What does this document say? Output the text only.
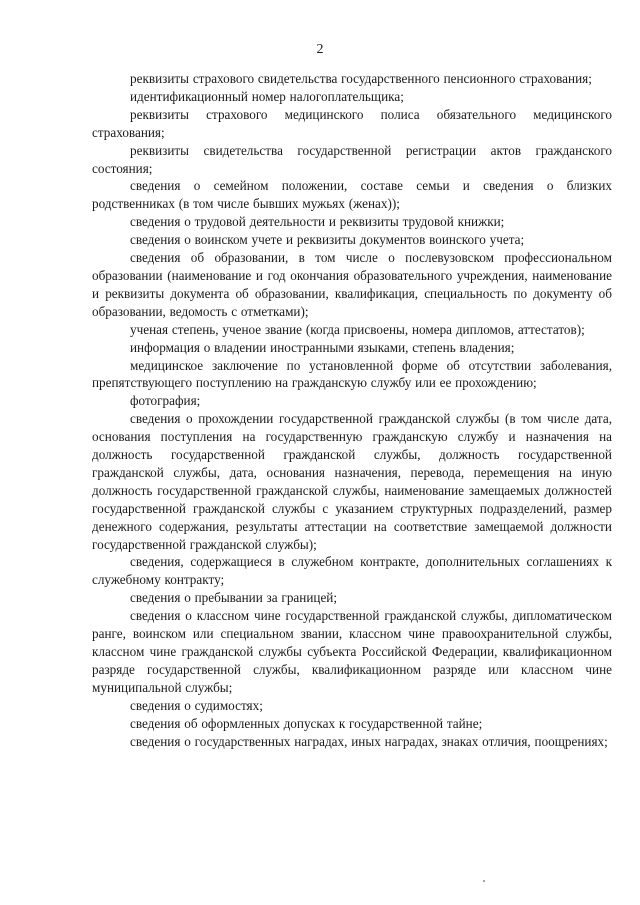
2

реквизиты страхового свидетельства государственного пенсионного страхования;

идентификационный номер налогоплательщика;

реквизиты страхового медицинского полиса обязательного медицинского страхования;

реквизиты свидетельства государственной регистрации актов гражданского состояния;

сведения о семейном положении, составе семьи и сведения о близких родственниках (в том числе бывших мужьях (женах));

сведения о трудовой деятельности и реквизиты трудовой книжки;

сведения о воинском учете и реквизиты документов воинского учета;

сведения об образовании, в том числе о послевузовском профессиональном образовании (наименование и год окончания образовательного учреждения, наименование и реквизиты документа об образовании, квалификация, специальность по документу об образовании, ведомость с отметками);

ученая степень, ученое звание (когда присвоены, номера дипломов, аттестатов);

информация о владении иностранными языками, степень владения;

медицинское заключение по установленной форме об отсутствии заболевания, препятствующего поступлению на гражданскую службу или ее прохождению;

фотография;

сведения о прохождении государственной гражданской службы (в том числе дата, основания поступления на государственную гражданскую службу и назначения на должность государственной гражданской службы, должность государственной гражданской службы, дата, основания назначения, перевода, перемещения на иную должность государственной гражданской службы, наименование замещаемых должностей государственной гражданской службы с указанием структурных подразделений, размер денежного содержания, результаты аттестации на соответствие замещаемой должности государственной гражданской службы);

сведения, содержащиеся в служебном контракте, дополнительных соглашениях к служебному контракту;

сведения о пребывании за границей;

сведения о классном чине государственной гражданской службы, дипломатическом ранге, воинском или специальном звании, классном чине правоохранительной службы, классном чине гражданской службы субъекта Российской Федерации, квалификационном разряде государственной службы, квалификационном разряде или классном чине муниципальной службы;

сведения о судимостях;

сведения об оформленных допусках к государственной тайне;

сведения о государственных наградах, иных наградах, знаках отличия, поощрениях;
